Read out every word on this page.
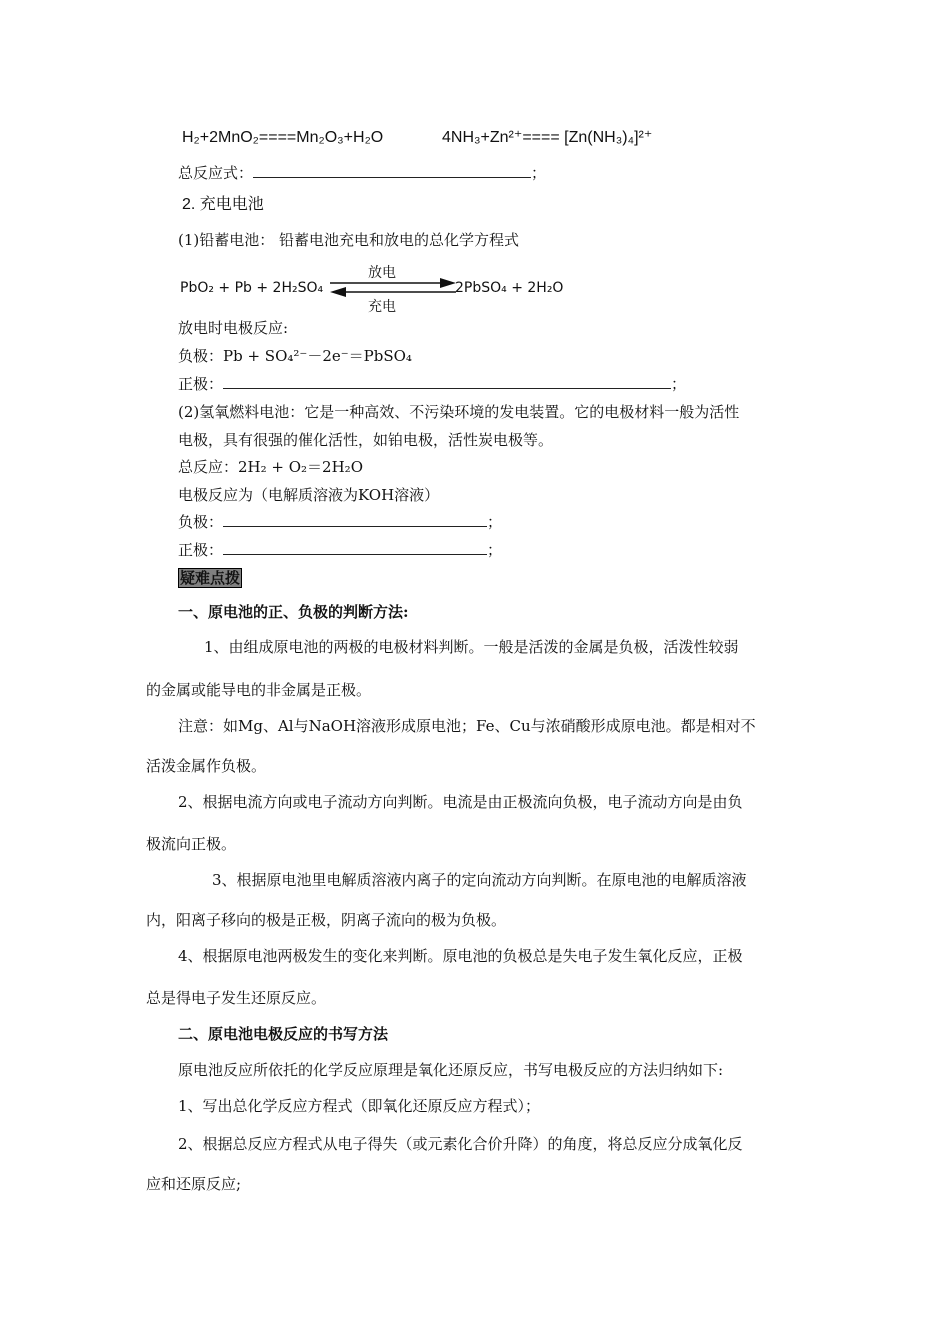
H₂+2MnO₂====Mn₂O₃+H₂O	4NH₃+Zn²⁺==== [Zn(NH₃)₄]²⁺
总反应式：	；
2. 充电电池
(1)铅蓄电池： 铅蓄电池充电和放电的总化学方程式
PbO₂ + Pb + 2H₂SO₄
放电
充电
2PbSO₄ + 2H₂O
放电时电极反应:
负极：Pb + SO₄²⁻－2e⁻＝PbSO₄
正极：	；
(2)氢氧燃料电池：它是一种高效、不污染环境的发电装置。它的电极材料一般为活性
电极，具有很强的催化活性，如铂电极，活性炭电极等。
总反应：2H₂ + O₂＝2H₂O
电极反应为（电解质溶液为KOH溶液）
负极：	；
正极：	；
疑难点拨
一、原电池的正、负极的判断方法:
1、由组成原电池的两极的电极材料判断。一般是活泼的金属是负极，活泼性较弱
的金属或能导电的非金属是正极。
注意：如Mg、Al与NaOH溶液形成原电池；Fe、Cu与浓硝酸形成原电池。都是相对不
活泼金属作负极。
2、根据电流方向或电子流动方向判断。电流是由正极流向负极，电子流动方向是由负
极流向正极。
3、根据原电池里电解质溶液内离子的定向流动方向判断。在原电池的电解质溶液
内，阳离子移向的极是正极，阴离子流向的极为负极。
4、根据原电池两极发生的变化来判断。原电池的负极总是失电子发生氧化反应，正极
总是得电子发生还原反应。
二、原电池电极反应的书写方法
原电池反应所依托的化学反应原理是氧化还原反应，书写电极反应的方法归纳如下:
1、写出总化学反应方程式（即氧化还原反应方程式）；
2、根据总反应方程式从电子得失（或元素化合价升降）的角度，将总反应分成氧化反
应和还原反应;
